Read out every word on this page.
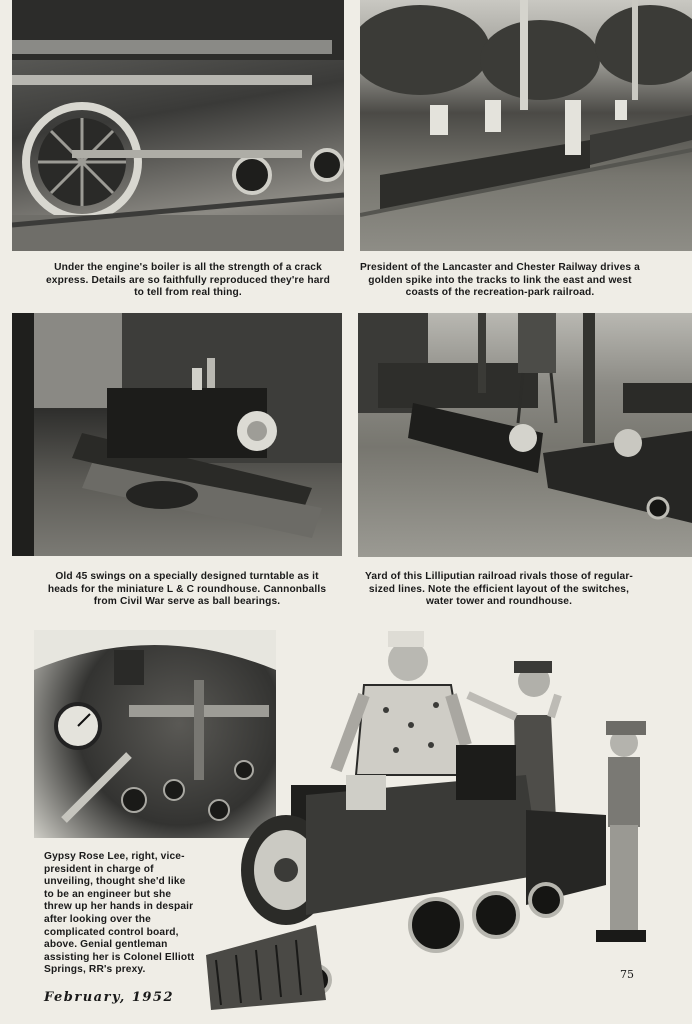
Under the engine's boiler is all the strength of a crack express. Details are so faithfully reproduced they're hard to tell from real thing.

President of the Lancaster and Chester Railway drives a golden spike into the tracks to link the east and west coasts of the recreation-park railroad.

Old 45 swings on a specially designed turntable as it heads for the miniature L & C roundhouse. Cannonballs from Civil War serve as ball bearings.

Yard of this Lilliputian railroad rivals those of regular-sized lines. Note the efficient layout of the switches, water tower and roundhouse.

Gypsy Rose Lee, right, vice-president in charge of unveiling, thought she'd like to be an engineer but she threw up her hands in despair after looking over the complicated control board, above. Genial gentleman assisting her is Colonel Elliott Springs, RR's prexy.	75
February, 1952
